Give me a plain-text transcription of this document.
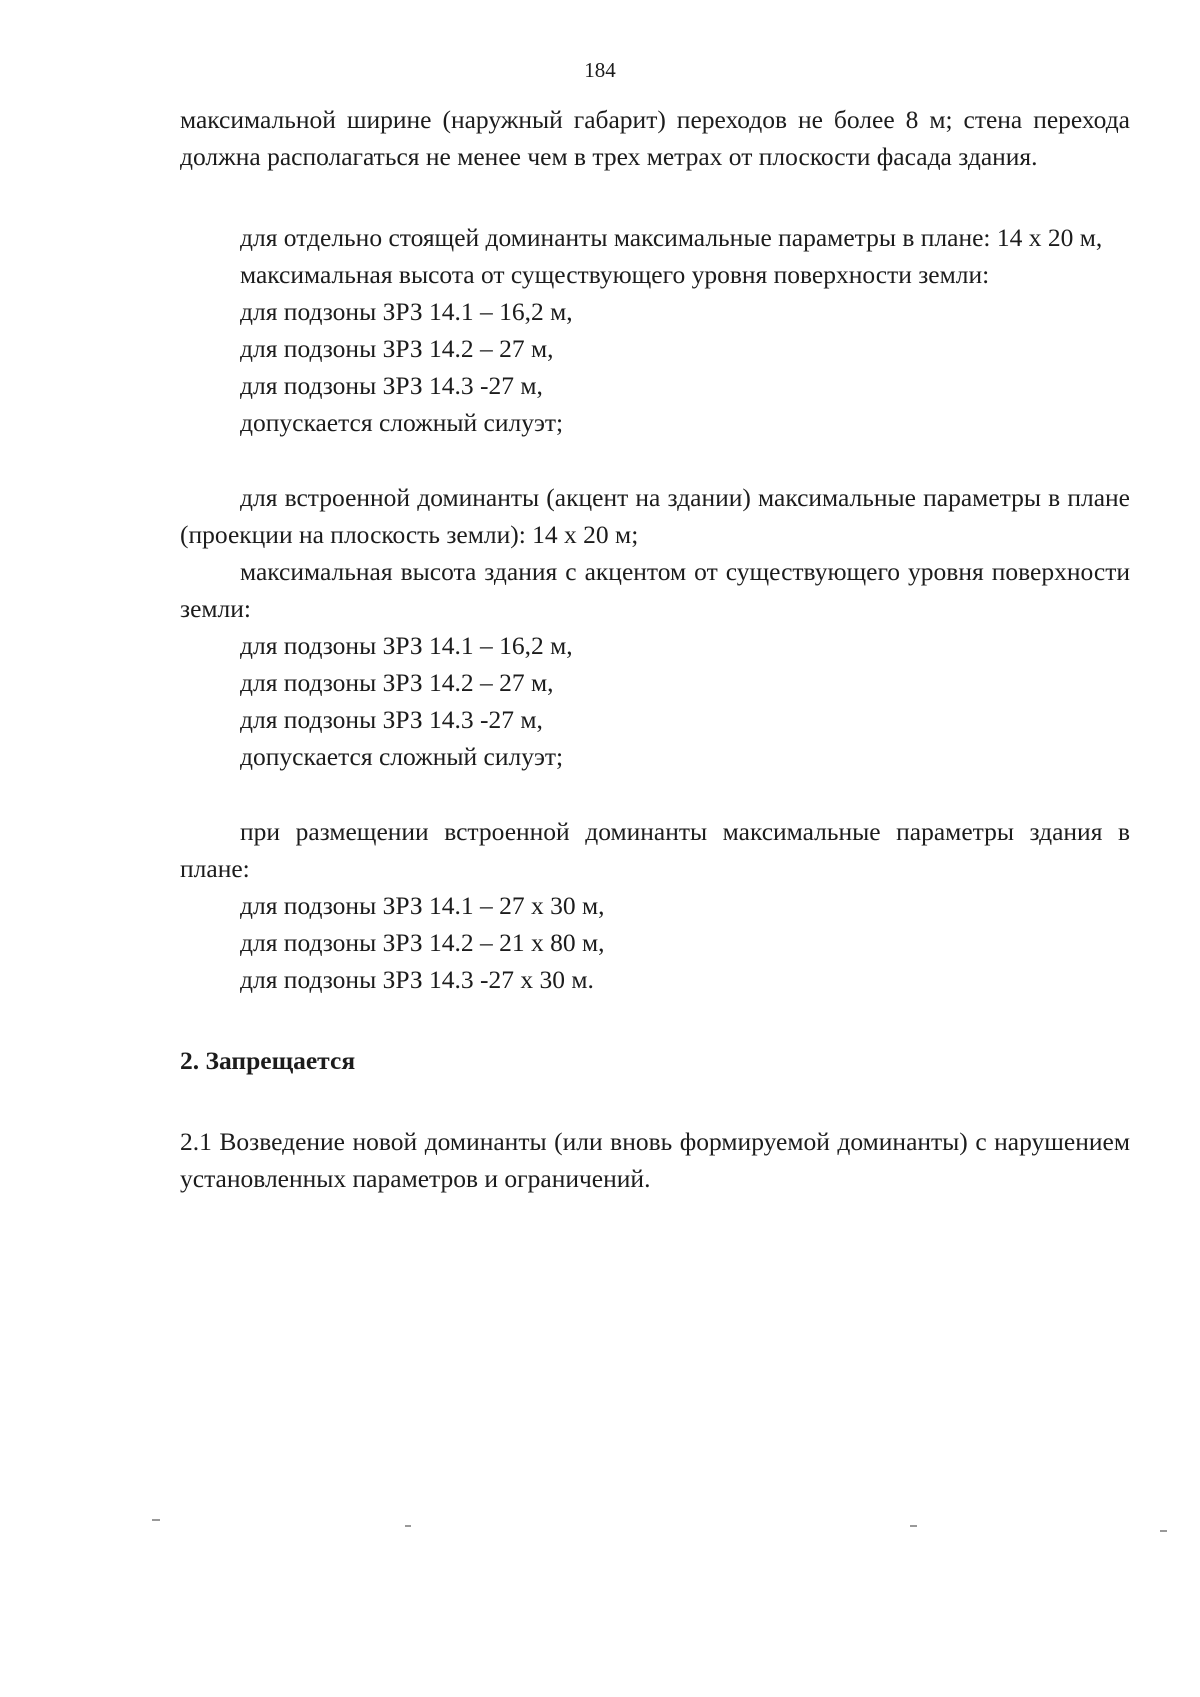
184

максимальной ширине (наружный габарит) переходов не более 8 м; стена перехода должна располагаться не менее чем в трех метрах от плоскости фасада здания.

для отдельно стоящей доминанты максимальные параметры в плане: 14 х 20 м,

максимальная высота от существующего уровня поверхности земли:

для подзоны ЗРЗ 14.1 – 16,2 м,

для подзоны ЗРЗ 14.2 – 27 м,

для подзоны ЗРЗ 14.3 -27 м,

допускается сложный силуэт;

для встроенной доминанты (акцент на здании) максимальные параметры в плане (проекции на плоскость земли): 14 х 20 м;

максимальная высота здания с акцентом от существующего уровня поверхности земли:

для подзоны ЗРЗ 14.1 – 16,2 м,

для подзоны ЗРЗ 14.2 – 27 м,

для подзоны ЗРЗ 14.3 -27 м,

допускается сложный силуэт;

при размещении встроенной доминанты максимальные параметры здания в плане:

для подзоны ЗРЗ 14.1 – 27 х 30 м,

для подзоны ЗРЗ 14.2 – 21 х 80 м,

для подзоны ЗРЗ 14.3 -27 х 30 м.

2. Запрещается

2.1 Возведение новой доминанты (или вновь формируемой доминанты) с нарушением установленных параметров и ограничений.
